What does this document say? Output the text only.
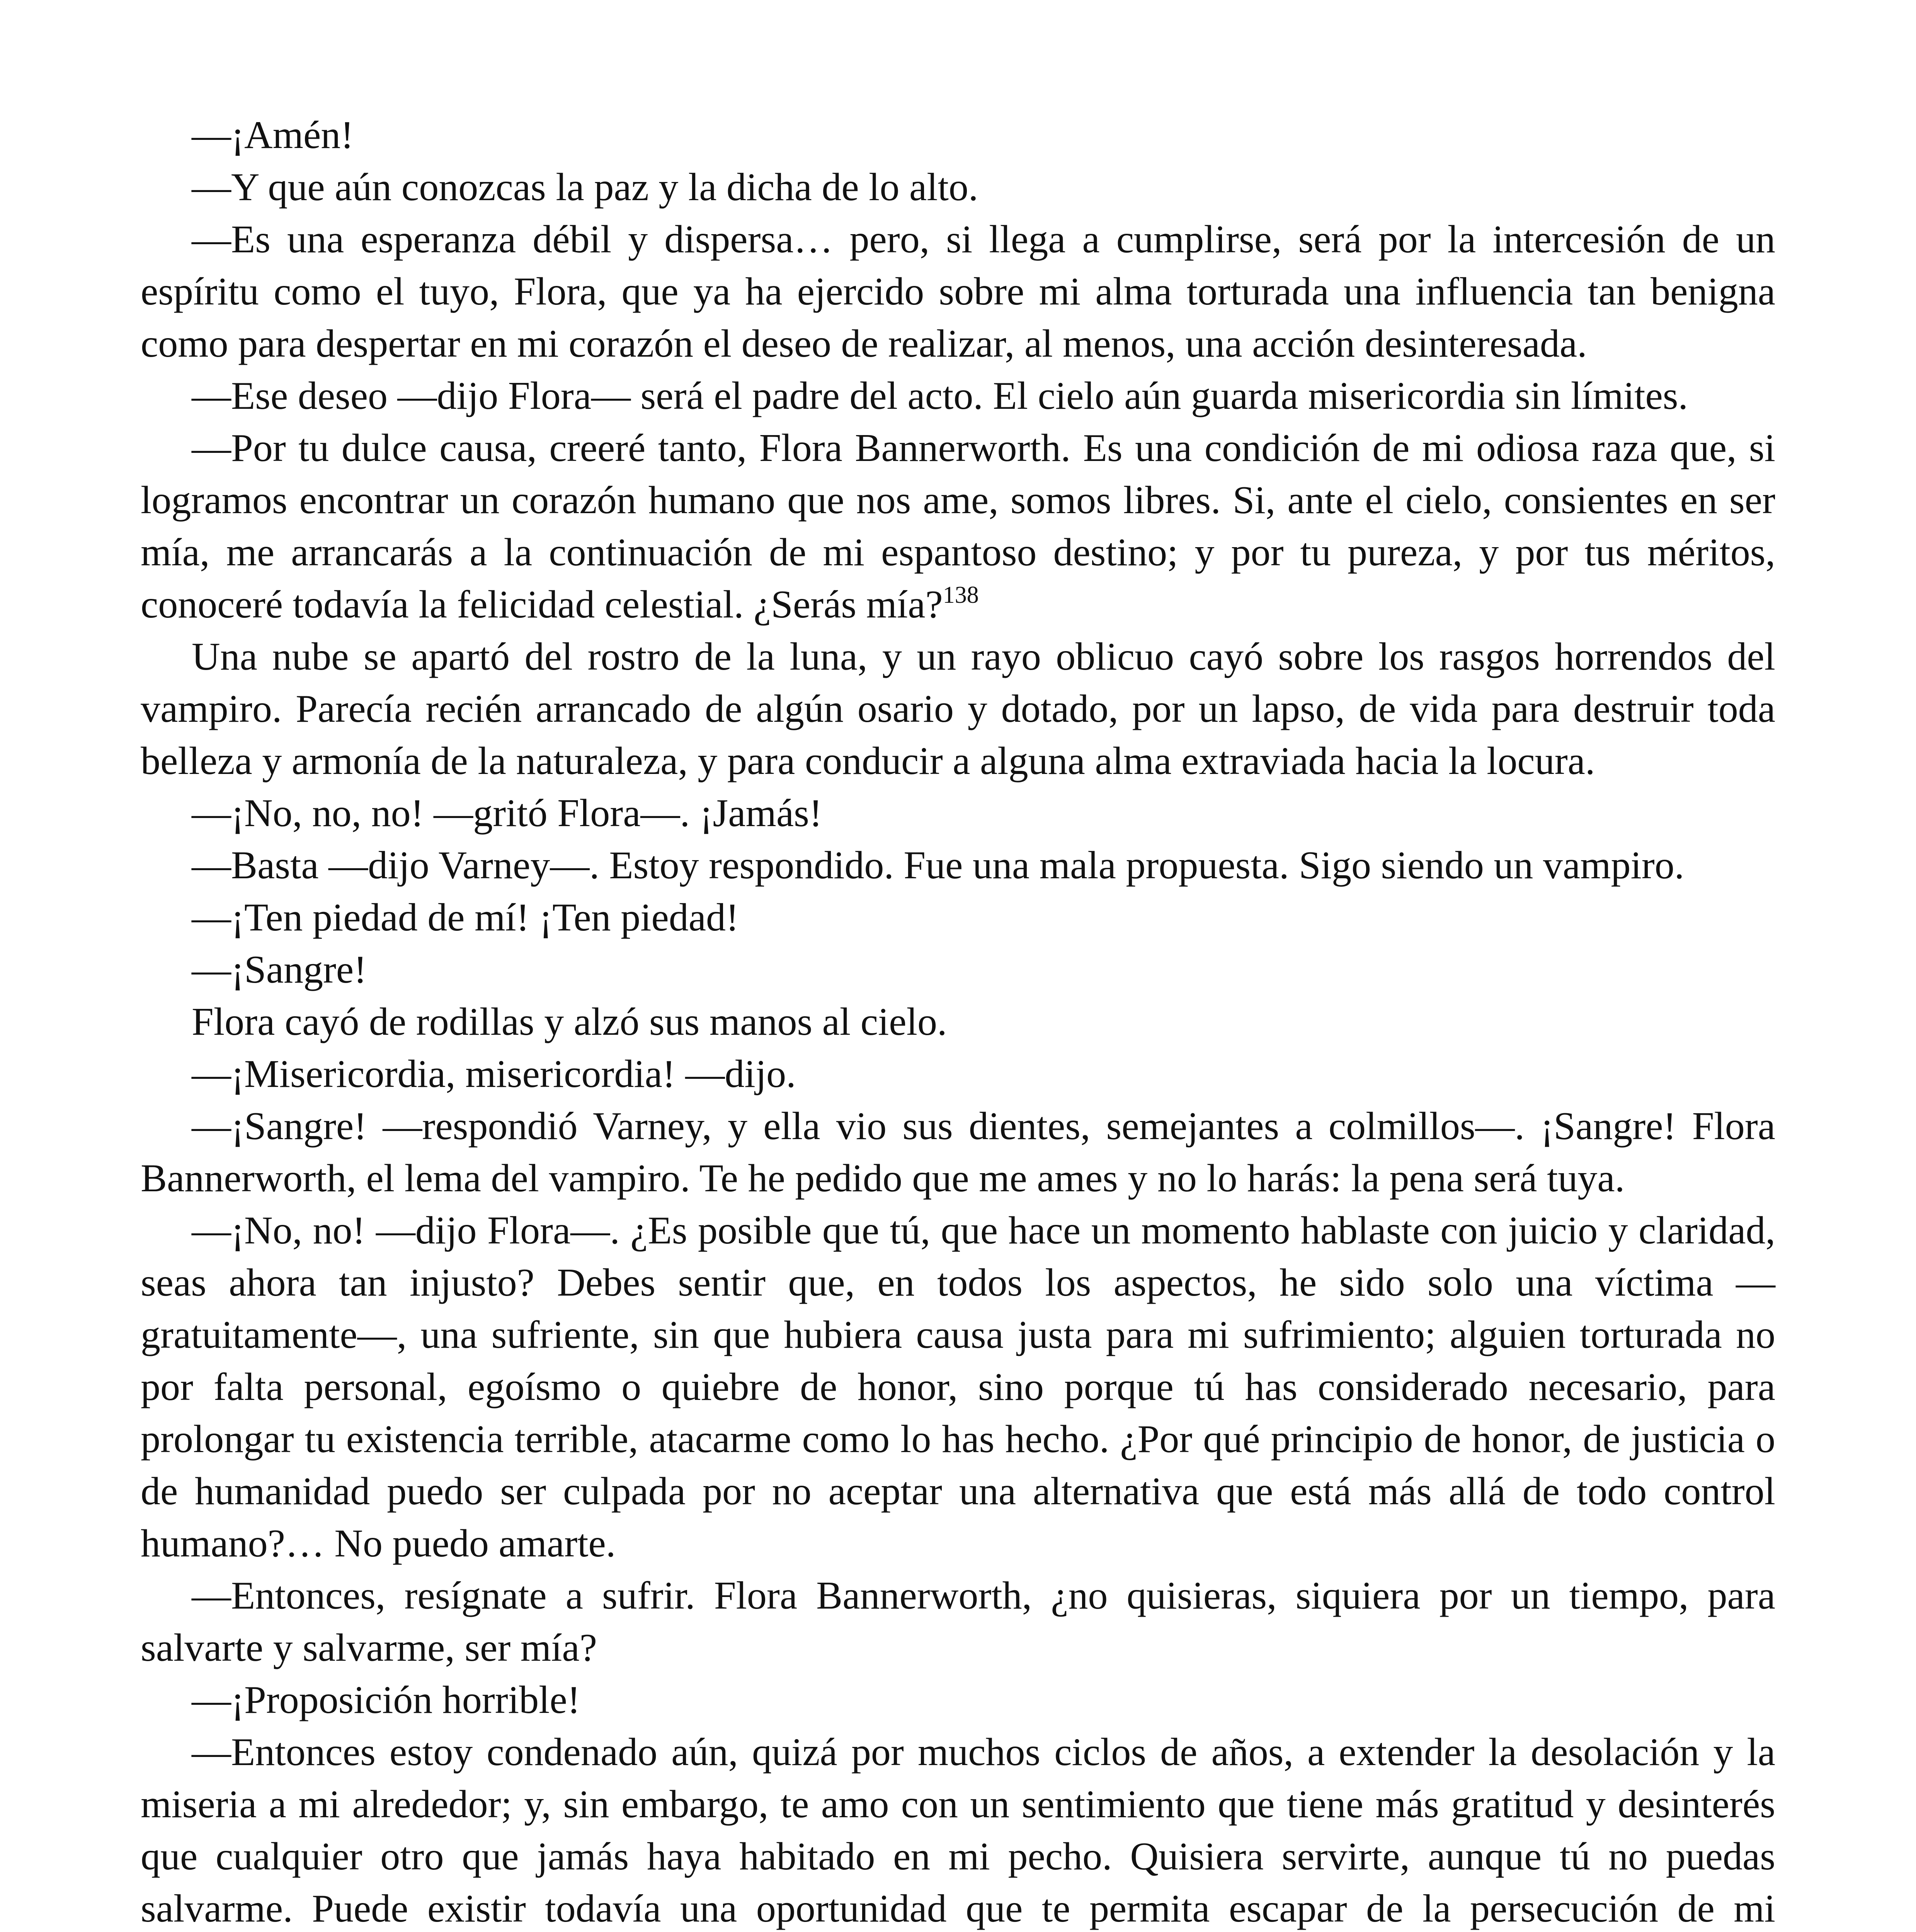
—¡Amén!

—Y que aún conozcas la paz y la dicha de lo alto.

—Es una esperanza débil y dispersa… pero, si llega a cumplirse, será por la intercesión de un espíritu como el tuyo, Flora, que ya ha ejercido sobre mi alma torturada una influencia tan benigna como para despertar en mi corazón el deseo de realizar, al menos, una acción desinteresada.

—Ese deseo —dijo Flora— será el padre del acto. El cielo aún guarda misericordia sin límites.

—Por tu dulce causa, creeré tanto, Flora Bannerworth. Es una condición de mi odiosa raza que, si logramos encontrar un corazón humano que nos ame, somos libres. Si, ante el cielo, consientes en ser mía, me arrancarás a la continuación de mi espantoso destino; y por tu pureza, y por tus méritos, conoceré todavía la felicidad celestial. ¿Serás mía?$^{138}$

Una nube se apartó del rostro de la luna, y un rayo oblicuo cayó sobre los rasgos horrendos del vampiro. Parecía recién arrancado de algún osario y dotado, por un lapso, de vida para destruir toda belleza y armonía de la naturaleza, y para conducir a alguna alma extraviada hacia la locura.

—¡No, no, no! —gritó Flora—. ¡Jamás!

—Basta —dijo Varney—. Estoy respondido. Fue una mala propuesta. Sigo siendo un vampiro.

—¡Ten piedad de mí! ¡Ten piedad!

—¡Sangre!

Flora cayó de rodillas y alzó sus manos al cielo.

—¡Misericordia, misericordia! —dijo.

—¡Sangre! —respondió Varney, y ella vio sus dientes, semejantes a colmillos—. ¡Sangre! Flora Bannerworth, el lema del vampiro. Te he pedido que me ames y no lo harás: la pena será tuya.

—¡No, no! —dijo Flora—. ¿Es posible que tú, que hace un momento hablaste con juicio y claridad, seas ahora tan injusto? Debes sentir que, en todos los aspectos, he sido solo una víctima —gratuitamente—, una sufriente, sin que hubiera causa justa para mi sufrimiento; alguien torturada no por falta personal, egoísmo o quiebre de honor, sino porque tú has considerado necesario, para prolongar tu existencia terrible, atacarme como lo has hecho. ¿Por qué principio de honor, de justicia o de humanidad puedo ser culpada por no aceptar una alternativa que está más allá de todo control humano?… No puedo amarte.

—Entonces, resígnate a sufrir. Flora Bannerworth, ¿no quisieras, siquiera por un tiempo, para salvarte y salvarme, ser mía?

—¡Proposición horrible!

—Entonces estoy condenado aún, quizá por muchos ciclos de años, a extender la desolación y la miseria a mi alrededor; y, sin embargo, te amo con un sentimiento que tiene más gratitud y desinterés que cualquier otro que jamás haya habitado en mi pecho. Quisiera servirte, aunque tú no puedas salvarme. Puede existir todavía una oportunidad que te permita escapar de la persecución de mi
